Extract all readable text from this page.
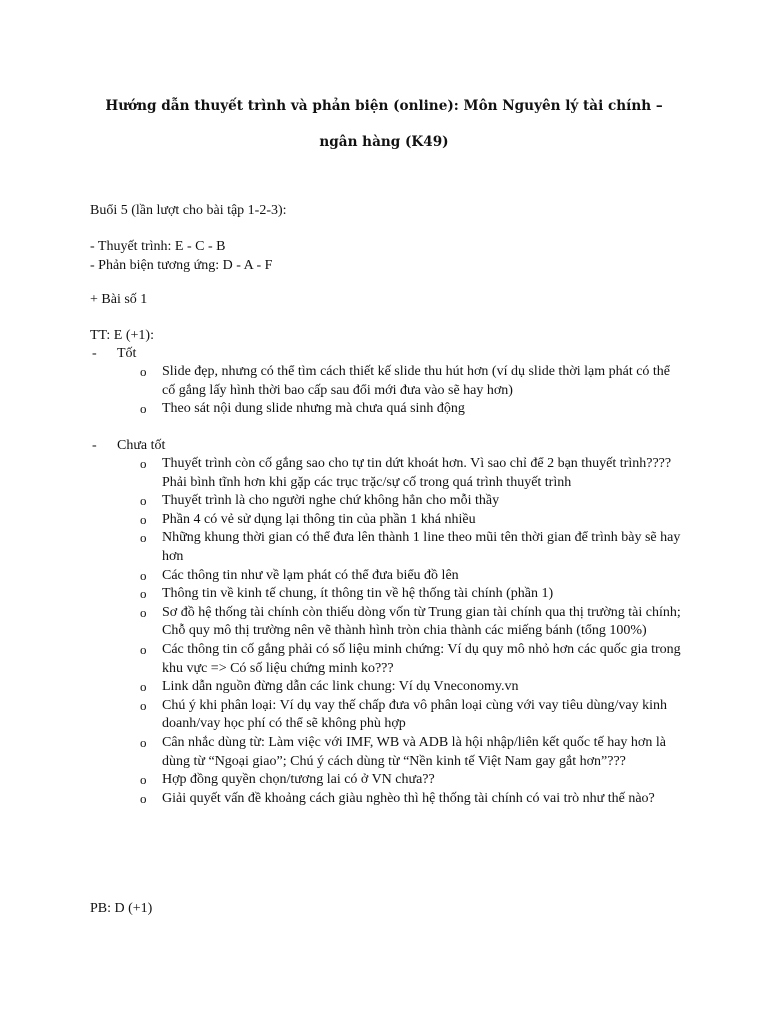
Hướng dẫn thuyết trình và phản biện (online): Môn Nguyên lý tài chính –
ngân hàng (K49)
Buổi 5 (lần lượt cho bài tập 1-2-3):
- Thuyết trình: E - C - B
- Phản biện tương ứng: D - A - F
+ Bài số 1
TT: E (+1):
- Tốt
o Slide đẹp, nhưng có thể tìm cách thiết kế slide thu hút hơn (ví dụ slide thời lạm phát có thể cố gắng lấy hình thời bao cấp sau đổi mới đưa vào sẽ hay hơn)
o Theo sát nội dung slide nhưng mà chưa quá sinh động
- Chưa tốt
o Thuyết trình còn cố gắng sao cho tự tin dứt khoát hơn. Vì sao chỉ để 2 bạn thuyết trình???? Phải bình tĩnh hơn khi gặp các trục trặc/sự cố trong quá trình thuyết trình
o Thuyết trình là cho người nghe chứ không hẳn cho mỗi thầy
o Phần 4 có vẻ sử dụng lại thông tin của phần 1 khá nhiều
o Những khung thời gian có thể đưa lên thành 1 line theo mũi tên thời gian để trình bày sẽ hay hơn
o Các thông tin như về lạm phát có thể đưa biểu đồ lên
o Thông tin về kinh tế chung, ít thông tin về hệ thống tài chính (phần 1)
o Sơ đồ hệ thống tài chính còn thiếu dòng vốn từ Trung gian tài chính qua thị trường tài chính; Chỗ quy mô thị trường nên vẽ thành hình tròn chia thành các miếng bánh (tổng 100%)
o Các thông tin cố gắng phải có số liệu minh chứng: Ví dụ quy mô nhỏ hơn các quốc gia trong khu vực => Có số liệu chứng minh ko???
o Link dẫn nguồn đừng dẫn các link chung: Ví dụ Vneconomy.vn
o Chú ý khi phân loại: Ví dụ vay thế chấp đưa vô phân loại cùng với vay tiêu dùng/vay kinh doanh/vay học phí có thể sẽ không phù hợp
o Cân nhắc dùng từ: Làm việc với IMF, WB và ADB là hội nhập/liên kết quốc tế hay hơn là dùng từ “Ngoại giao”; Chú ý cách dùng từ “Nền kinh tế Việt Nam gay gắt hơn”???
o Hợp đồng quyền chọn/tương lai có ở VN chưa??
o Giải quyết vấn đề khoảng cách giàu nghèo thì hệ thống tài chính có vai trò như thế nào?
PB: D (+1)
